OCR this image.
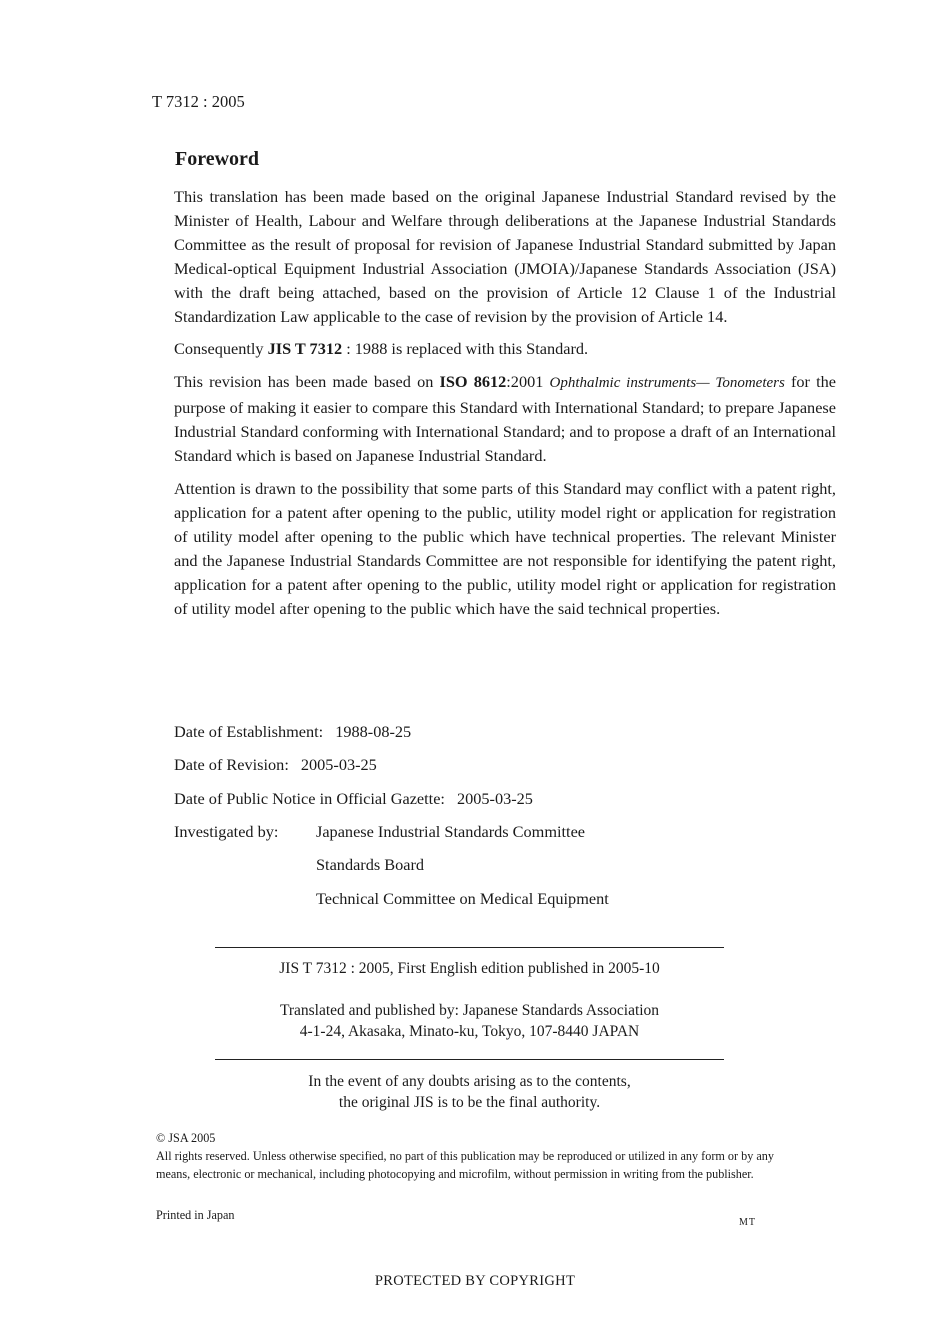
T 7312 : 2005
Foreword

This translation has been made based on the original Japanese Industrial Standard revised by the Minister of Health, Labour and Welfare through deliberations at the Japanese Industrial Standards Committee as the result of proposal for revision of Japanese Industrial Standard submitted by Japan Medical-optical Equipment Industrial Association (JMOIA)/Japanese Standards Association (JSA) with the draft being attached, based on the provision of Article 12 Clause 1 of the Industrial Standardization Law applicable to the case of revision by the provision of Article 14.

Consequently JIS T 7312 : 1988 is replaced with this Standard.

This revision has been made based on ISO 8612:2001 Ophthalmic instruments— Tonometers for the purpose of making it easier to compare this Standard with International Standard; to prepare Japanese Industrial Standard conforming with International Standard; and to propose a draft of an International Standard which is based on Japanese Industrial Standard.

Attention is drawn to the possibility that some parts of this Standard may conflict with a patent right, application for a patent after opening to the public, utility model right or application for registration of utility model after opening to the public which have technical properties. The relevant Minister and the Japanese Industrial Standards Committee are not responsible for identifying the patent right, application for a patent after opening to the public, utility model right or application for registration of utility model after opening to the public which have the said technical properties.

Date of Establishment: 1988-08-25
Date of Revision: 2005-03-25
Date of Public Notice in Official Gazette: 2005-03-25
Investigated by: Japanese Industrial Standards Committee
Standards Board
Technical Committee on Medical Equipment
JIS T 7312 : 2005, First English edition published in 2005-10
Translated and published by: Japanese Standards Association
4-1-24, Akasaka, Minato-ku, Tokyo, 107-8440 JAPAN
In the event of any doubts arising as to the contents,
the original JIS is to be the final authority.
© JSA 2005
All rights reserved. Unless otherwise specified, no part of this publication may be reproduced or utilized in any form or by any means, electronic or mechanical, including photocopying and microfilm, without permission in writing from the publisher.
Printed in Japan
MT
PROTECTED BY COPYRIGHT
